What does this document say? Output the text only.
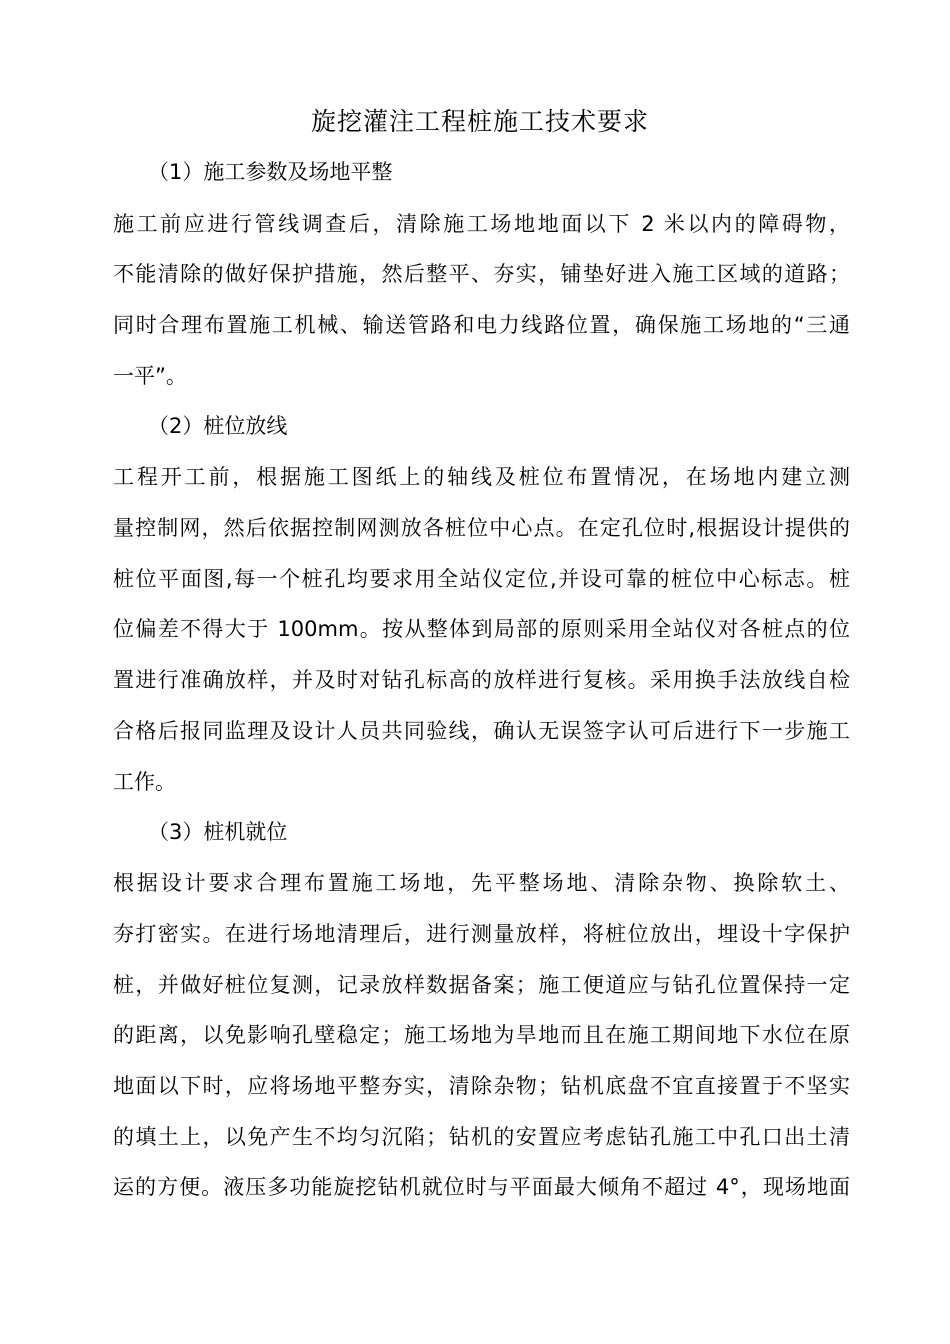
旋挖灌注工程桩施工技术要求
（1）施工参数及场地平整
施工前应进行管线调查后，清除施工场地地面以下 2 米以内的障碍物，
不能清除的做好保护措施，然后整平、夯实，铺垫好进入施工区域的道路；
同时合理布置施工机械、输送管路和电力线路位置，确保施工场地的“三通
一平”。
（2）桩位放线
工程开工前，根据施工图纸上的轴线及桩位布置情况，在场地内建立测
量控制网，然后依据控制网测放各桩位中心点。在定孔位时,根据设计提供的
桩位平面图,每一个桩孔均要求用全站仪定位,并设可靠的桩位中心标志。桩
位偏差不得大于 100mm。按从整体到局部的原则采用全站仪对各桩点的位
置进行准确放样，并及时对钻孔标高的放样进行复核。采用换手法放线自检
合格后报同监理及设计人员共同验线，确认无误签字认可后进行下一步施工
工作。
（3）桩机就位
根据设计要求合理布置施工场地，先平整场地、清除杂物、换除软土、
夯打密实。在进行场地清理后，进行测量放样，将桩位放出，埋设十字保护
桩，并做好桩位复测，记录放样数据备案；施工便道应与钻孔位置保持一定
的距离，以免影响孔壁稳定；施工场地为旱地而且在施工期间地下水位在原
地面以下时，应将场地平整夯实，清除杂物；钻机底盘不宜直接置于不坚实
的填土上，以免产生不均匀沉陷；钻机的安置应考虑钻孔施工中孔口出土清
运的方便。液压多功能旋挖钻机就位时与平面最大倾角不超过 4°，现场地面
